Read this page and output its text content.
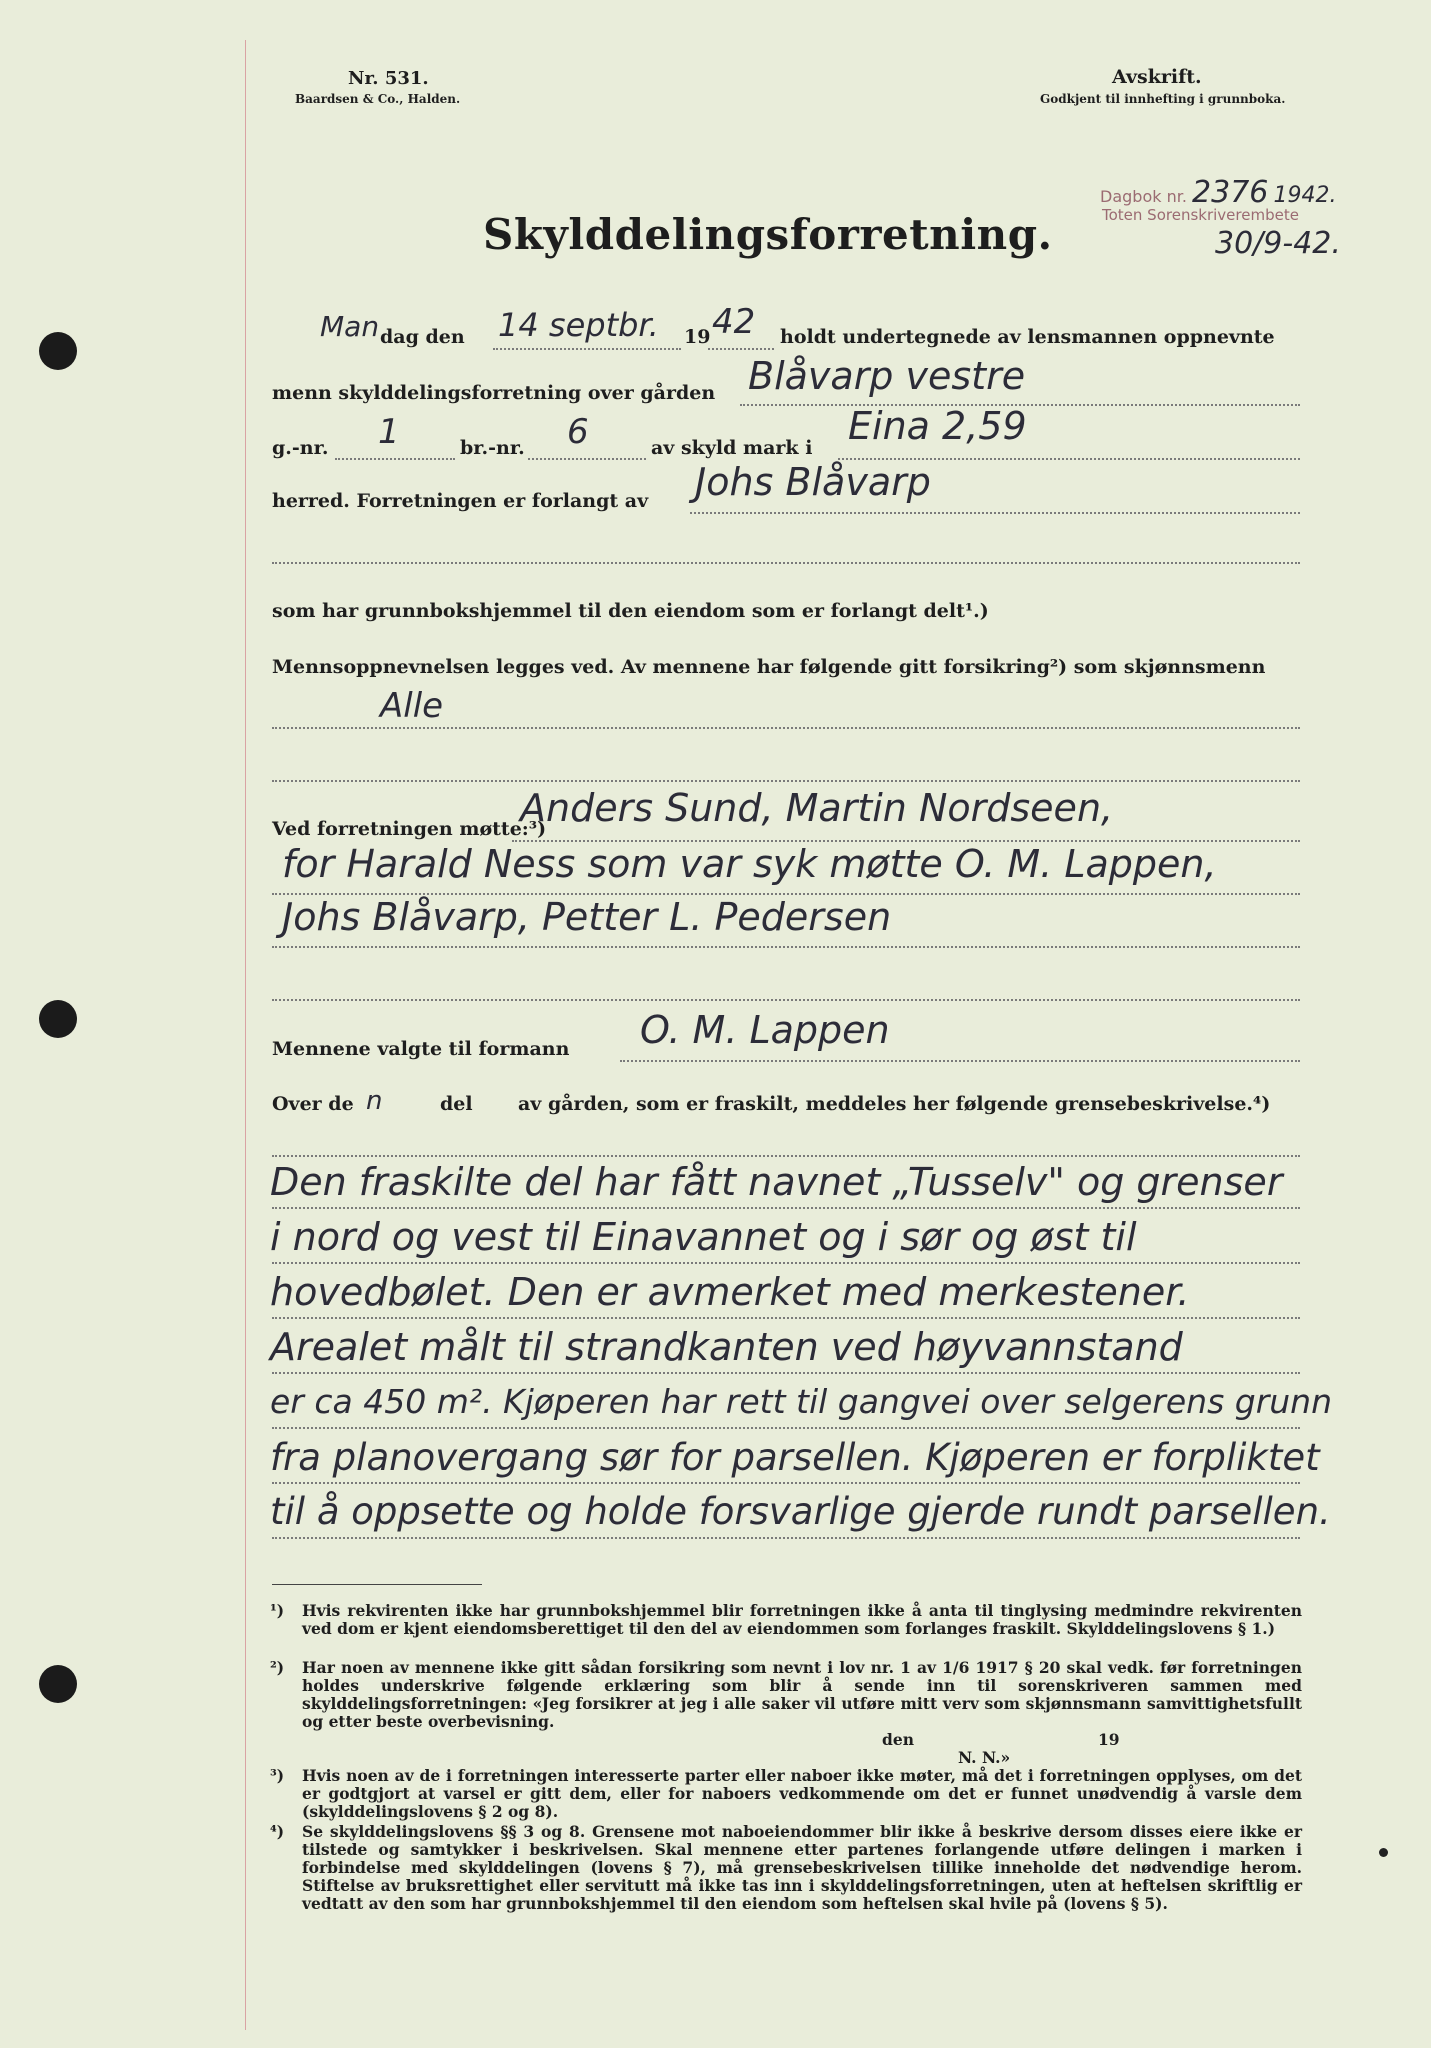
Nr. 531.
Baardsen & Co., Halden.
Avskrift.
Godkjent til innhefting i grunnboka.
Dagbok nr. 2376 1942.
Toten Sorenskriverembete
30/9-42.
Skylddelingsforretning.
Man dag den 14 septbr. 19 42 holdt undertegnede av lensmannen oppnevnte
menn skylddelingsforretning over gården Blåvarp vestre
g.-nr. 1	br.-nr. 6	av skyld mark i Eina 2,59
herred. Forretningen er forlangt av Johs Blåvarp
som har grunnbokshjemmel til den eiendom som er forlangt delt¹.)
Mennsoppnevnelsen legges ved. Av mennene har følgende gitt forsikring²) som skjønnsmenn
Alle
Ved forretningen møtte:³)
Anders Sund, Martin Nordseen,
for Harald Ness som var syk møtte O. M. Lappen,
Johs Blåvarp, Petter L. Pedersen
Mennene valgte til formann O. M. Lappen
Over de n	del av gården, som er fraskilt, meddeles her følgende grensebeskrivelse.⁴)
Den fraskilte del har fått navnet „Tusselv" og grenser
i nord og vest til Einavannet og i sør og øst til
hovedbølet. Den er avmerket med merkestener.
Arealet målt til strandkanten ved høyvannstand
er ca 450 m². Kjøperen har rett til gangvei over selgerens grunn
fra planovergang sør for parsellen. Kjøperen er forpliktet
til å oppsette og holde forsvarlige gjerde rundt parsellen.
¹) Hvis rekvirenten ikke har grunnbokshjemmel blir forretningen ikke å anta til tinglysing medmindre rekvirenten ved dom er kjent eiendomsberettiget til den del av eiendommen som forlanges fraskilt. Skylddelingslovens § 1.)
²) Har noen av mennene ikke gitt sådan forsikring som nevnt i lov nr. 1 av 1/6 1917 § 20 skal vedk. før forretningen holdes underskrive følgende erklæring som blir å sende inn til sorenskriveren sammen med skylddelingsforretningen: «Jeg forsikrer at jeg i alle saker vil utføre mitt verv som skjønnsmann samvittighetsfullt og etter beste overbevisning.
den	19
N. N.»
³) Hvis noen av de i forretningen interesserte parter eller naboer ikke møter, må det i forretningen opplyses, om det er godtgjort at varsel er gitt dem, eller for naboers vedkommende om det er funnet unødvendig å varsle dem (skylddelingslovens § 2 og 8).
⁴) Se skylddelingslovens §§ 3 og 8. Grensene mot naboeiendommer blir ikke å beskrive dersom disses eiere ikke er tilstede og samtykker i beskrivelsen. Skal mennene etter partenes forlangende utføre delingen i marken i forbindelse med skylddelingen (lovens § 7), må grensebeskrivelsen tillike inneholde det nødvendige herom. Stiftelse av bruksrettighet eller servitutt må ikke tas inn i skylddelingsforretningen, uten at heftelsen skriftlig er vedtatt av den som har grunnbokshjemmel til den eiendom som heftelsen skal hvile på (lovens § 5).
